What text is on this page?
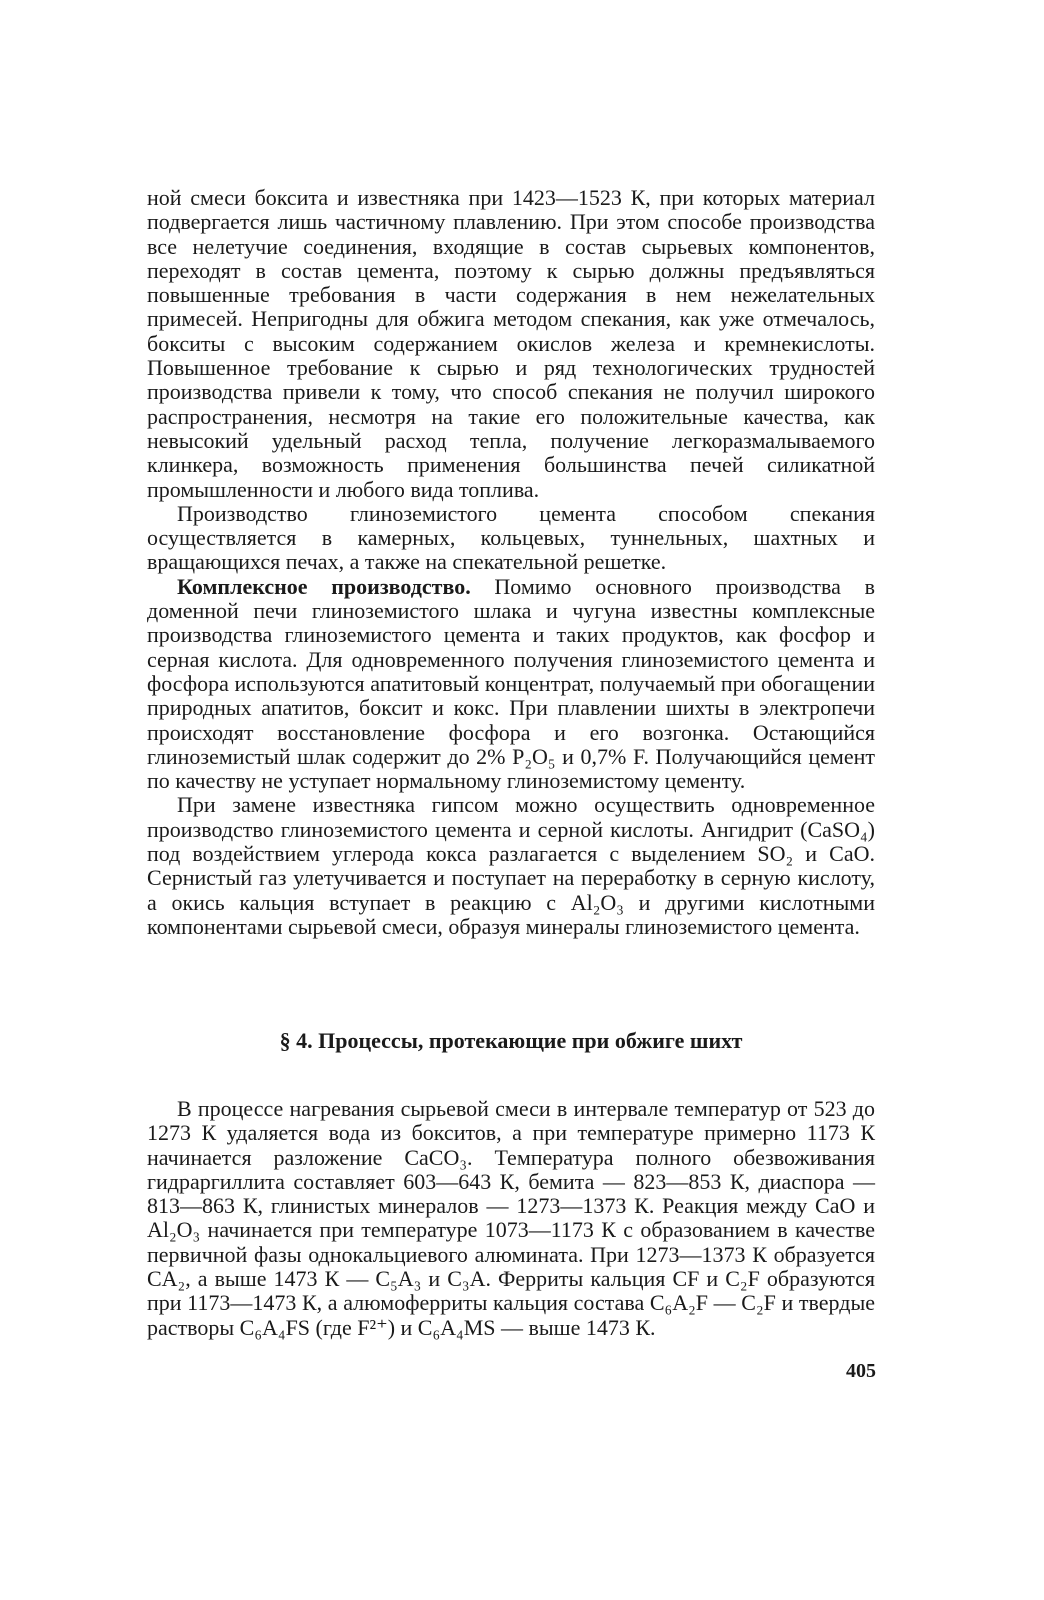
ной смеси боксита и известняка при 1423—1523 К, при которых материал подвергается лишь частичному плавлению. При этом способе производства все нелетучие соединения, входящие в состав сырьевых компонентов, переходят в состав цемента, поэтому к сырью должны предъявляться повышенные требования в части содержания в нем нежелательных примесей. Непригодны для обжига методом спекания, как уже отмечалось, бокситы с высоким содержанием окислов железа и кремнекислоты. Повышенное требование к сырью и ряд технологических трудностей производства привели к тому, что способ спекания не получил широкого распространения, несмотря на такие его положительные качества, как невысокий удельный расход тепла, получение легкоразмалываемого клинкера, возможность применения большинства печей силикатной промышленности и любого вида топлива.

Производство глиноземистого цемента способом спекания осуществляется в камерных, кольцевых, туннельных, шахтных и вращающихся печах, а также на спекательной решетке.

Комплексное производство. Помимо основного производства в доменной печи глиноземистого шлака и чугуна известны комплексные производства глиноземистого цемента и таких продуктов, как фосфор и серная кислота. Для одновременного получения глиноземистого цемента и фосфора используются апатитовый концентрат, получаемый при обогащении природных апатитов, боксит и кокс. При плавлении шихты в электропечи происходят восстановление фосфора и его возгонка. Остающийся глиноземистый шлак содержит до 2% P₂O₅ и 0,7% F. Получающийся цемент по качеству не уступает нормальному глиноземистому цементу.

При замене известняка гипсом можно осуществить одновременное производство глиноземистого цемента и серной кислоты. Ангидрит (CaSO₄) под воздействием углерода кокса разлагается с выделением SO₂ и CaO. Сернистый газ улетучивается и поступает на переработку в серную кислоту, а окись кальция вступает в реакцию с Al₂O₃ и другими кислотными компонентами сырьевой смеси, образуя минералы глиноземистого цемента.

§ 4. Процессы, протекающие при обжиге шихт

В процессе нагревания сырьевой смеси в интервале температур от 523 до 1273 К удаляется вода из бокситов, а при температуре примерно 1173 К начинается разложение CaCO₃. Температура полного обезвоживания гидраргиллита составляет 603—643 К, бемита — 823—853 К, диаспора — 813—863 К, глинистых минералов — 1273—1373 К. Реакция между CaO и Al₂O₃ начинается при температуре 1073—1173 К с образованием в качестве первичной фазы однокальциевого алюмината. При 1273—1373 К образуется CA₂, а выше 1473 К — C₅A₃ и C₃A. Ферриты кальция CF и C₂F образуются при 1173—1473 К, а алюмоферриты кальция состава C₆A₂F — C₂F и твердые растворы C₆A₄FS (где F²⁺) и C₆A₄MS — выше 1473 К.

405
